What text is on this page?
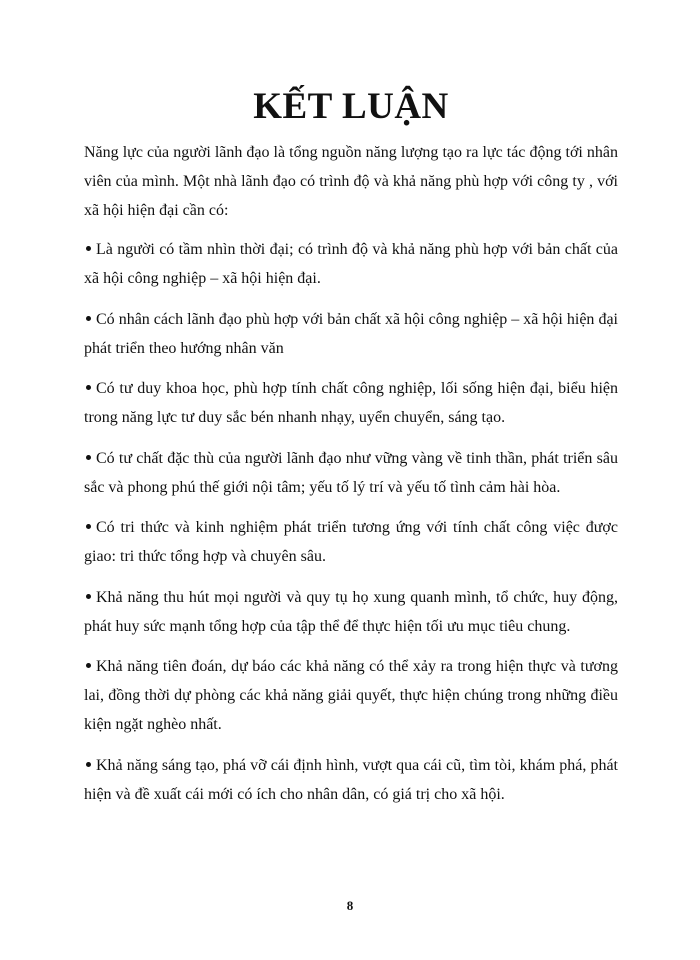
KẾT LUẬN

Năng lực của người lãnh đạo là tổng nguồn năng lượng tạo ra lực tác động tới nhân viên của mình. Một nhà lãnh đạo có trình độ và khả năng phù hợp với công ty , với xã hội hiện đại cần có:

Là người có tầm nhìn thời đại; có trình độ và khả năng phù hợp với bản chất của xã hội công nghiệp – xã hội hiện đại.
Có nhân cách lãnh đạo phù hợp với bản chất xã hội công nghiệp – xã hội hiện đại phát triển theo hướng nhân văn
Có tư duy khoa học, phù hợp tính chất công nghiệp, lối sống hiện đại, biểu hiện trong năng lực tư duy sắc bén nhanh nhạy, uyển chuyển, sáng tạo.
Có tư chất đặc thù của người lãnh đạo như vững vàng về tinh thần, phát triển sâu sắc và phong phú thế giới nội tâm; yếu tố lý trí và yếu tố tình cảm hài hòa.
Có tri thức và kinh nghiệm phát triển tương ứng với tính chất công việc được giao: tri thức tổng hợp và chuyên sâu.
Khả năng thu hút mọi người và quy tụ họ xung quanh mình, tổ chức, huy động, phát huy sức mạnh tổng hợp của tập thể để thực hiện tối ưu mục tiêu chung.
Khả năng tiên đoán, dự báo các khả năng có thể xảy ra trong hiện thực và tương lai, đồng thời dự phòng các khả năng giải quyết, thực hiện chúng trong những điều kiện ngặt nghèo nhất.
Khả năng sáng tạo, phá vỡ cái định hình, vượt qua cái cũ, tìm tòi, khám phá, phát hiện và đề xuất cái mới có ích cho nhân dân, có giá trị cho xã hội.
8
